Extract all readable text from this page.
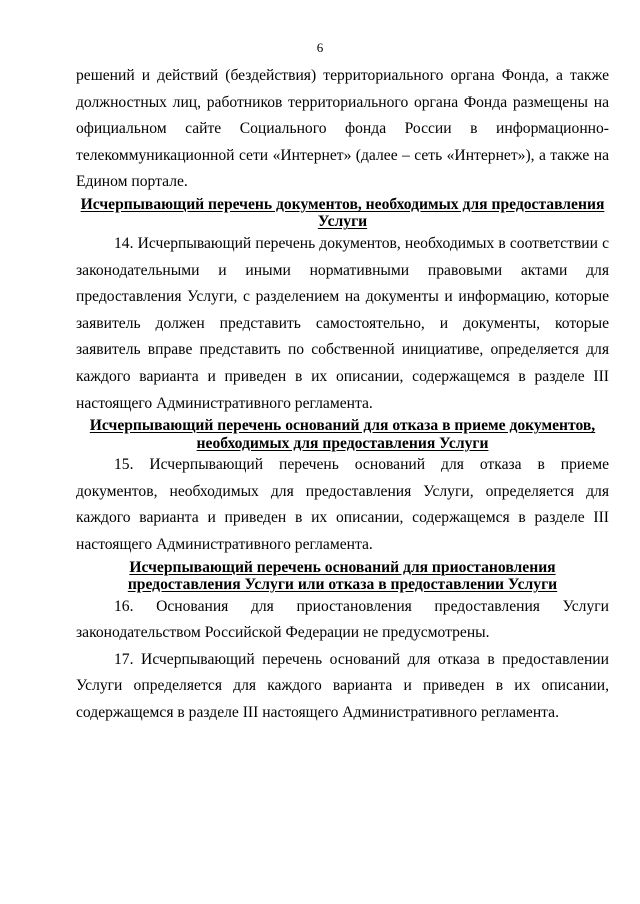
6

решений и действий (бездействия) территориального органа Фонда, а также должностных лиц, работников территориального органа Фонда размещены на официальном сайте Социального фонда России в информационно-телекоммуникационной сети «Интернет» (далее – сеть «Интернет»), а также на Едином портале.

Исчерпывающий перечень документов, необходимых для предоставления Услуги

14. Исчерпывающий перечень документов, необходимых в соответствии с законодательными и иными нормативными правовыми актами для предоставления Услуги, с разделением на документы и информацию, которые заявитель должен представить самостоятельно, и документы, которые заявитель вправе представить по собственной инициативе, определяется для каждого варианта и приведен в их описании, содержащемся в разделе III настоящего Административного регламента.

Исчерпывающий перечень оснований для отказа в приеме документов, необходимых для предоставления Услуги

15. Исчерпывающий перечень оснований для отказа в приеме документов, необходимых для предоставления Услуги, определяется для каждого варианта и приведен в их описании, содержащемся в разделе III настоящего Административного регламента.

Исчерпывающий перечень оснований для приостановления предоставления Услуги или отказа в предоставлении Услуги

16. Основания для приостановления предоставления Услуги законодательством Российской Федерации не предусмотрены.

17. Исчерпывающий перечень оснований для отказа в предоставлении Услуги определяется для каждого варианта и приведен в их описании, содержащемся в разделе III настоящего Административного регламента.
